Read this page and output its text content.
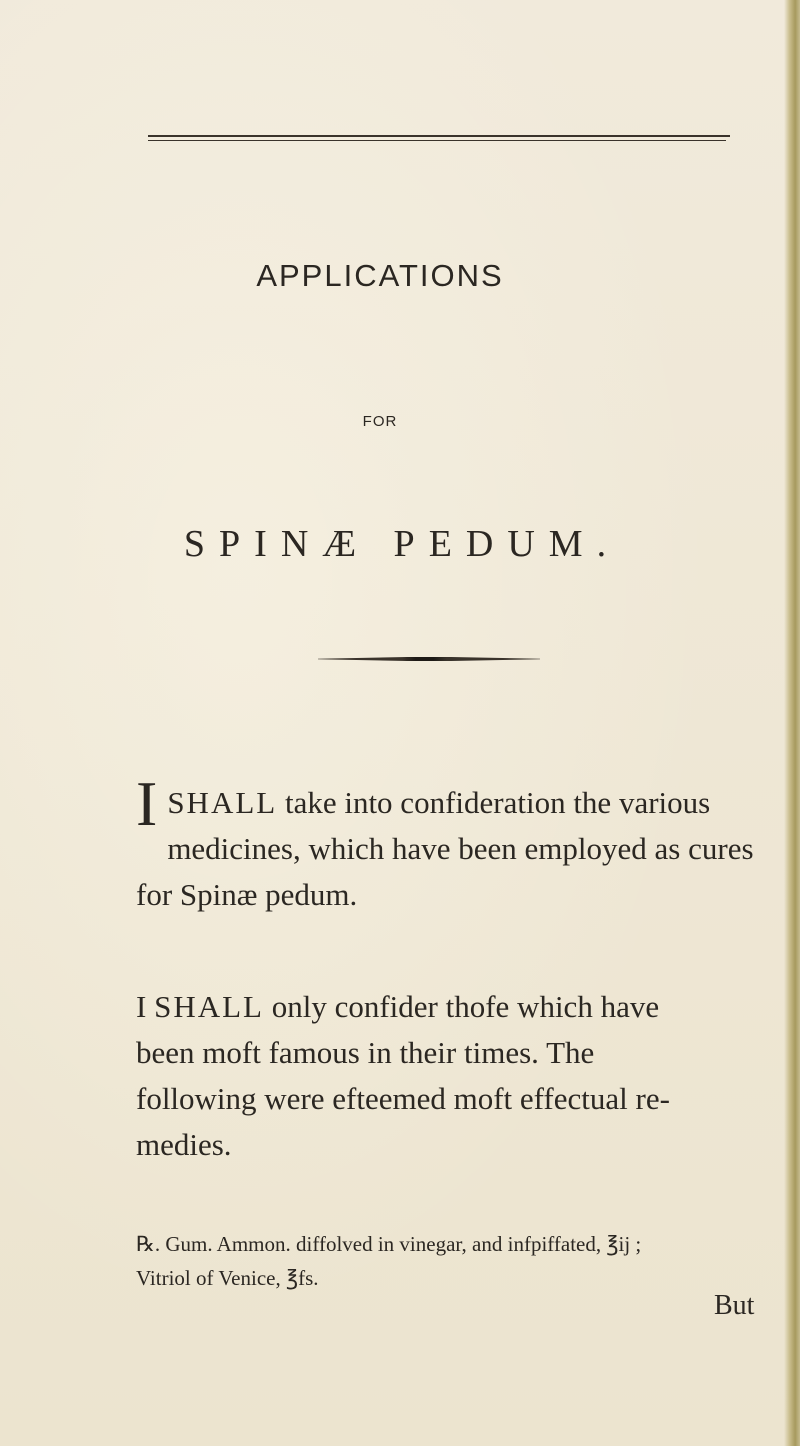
APPLICATIONS
FOR
SPINÆ PEDUM.
I SHALL take into confideration the various
medicines, which have been employed as cures
for Spinæ pedum.
I SHALL only confider thofe which have
been moft famous in their times. The
following were efteemed moft effectual re-
medies.

℞. Gum. Ammon. diffolved in vinegar, and infpiffated, ℥ij ;

Vitriol of Venice, ℥fs.

But
